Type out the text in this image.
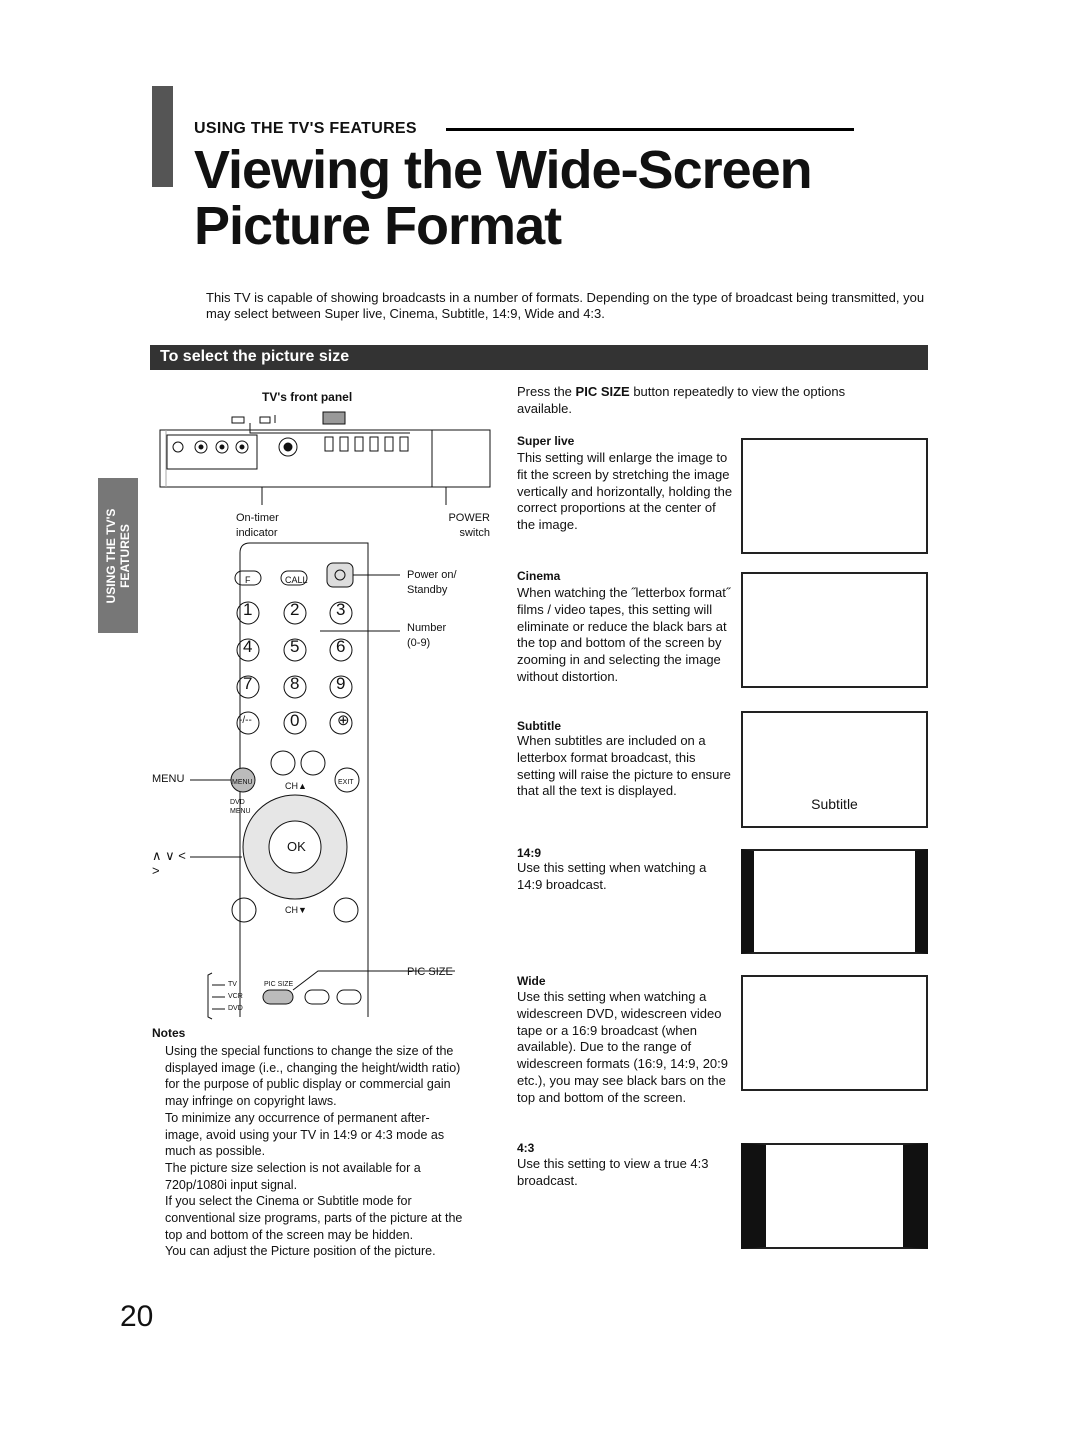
USING THE TV'S FEATURES
Viewing the Wide-Screen
Picture Format
This TV is capable of showing broadcasts in a number of formats. Depending on the type of broadcast being transmitted, you may select between Super live, Cinema, Subtitle, 14:9, Wide and 4:3.
To select the picture size
USING THE TV'S FEATURES
TV's front panel
On-timer
indicator
POWER
switch
Power on/
Standby
Number
(0-9)
MENU
∧ ∨ < >
PIC SIZE
F	CALL
1 2 3
4 5 6
7 8 9
-/-- 0	⊕
MENU	EXIT
DVD MENU
CH▲
CH▼
OK
TV
VCR
DVD
PIC SIZE
Notes

Using the special functions to change the size of the displayed image (i.e., changing the height/width ratio) for the purpose of public display or commercial gain may infringe on copyright laws.

To minimize any occurrence of permanent after-image, avoid using your TV in 14:9 or 4:3 mode as much as possible.

The picture size selection is not available for a 720p/1080i input signal.

If you select the Cinema or Subtitle mode for conventional size programs, parts of the picture at the top and bottom of the screen may be hidden.

You can adjust the Picture position of the picture.

20
Press the PIC SIZE button repeatedly to view the options available.
Super live
This setting will enlarge the image to fit the screen by stretching the image vertically and horizontally, holding the correct proportions at the center of the image.
Cinema
When watching the ˝letterbox format˝ films / video tapes, this setting will eliminate or reduce the black bars at the top and bottom of the screen by zooming in and selecting the image without distortion.
Subtitle
When subtitles are included on a letterbox format broadcast, this setting will raise the picture to ensure that all the text is displayed.
14:9
Use this setting when watching a 14:9 broadcast.
Wide
Use this setting when watching a widescreen DVD, widescreen video tape or a 16:9 broadcast (when available). Due to the range of widescreen formats (16:9, 14:9, 20:9 etc.), you may see black bars on the top and bottom of the screen.
4:3
Use this setting to view a true 4:3 broadcast.
Subtitle
